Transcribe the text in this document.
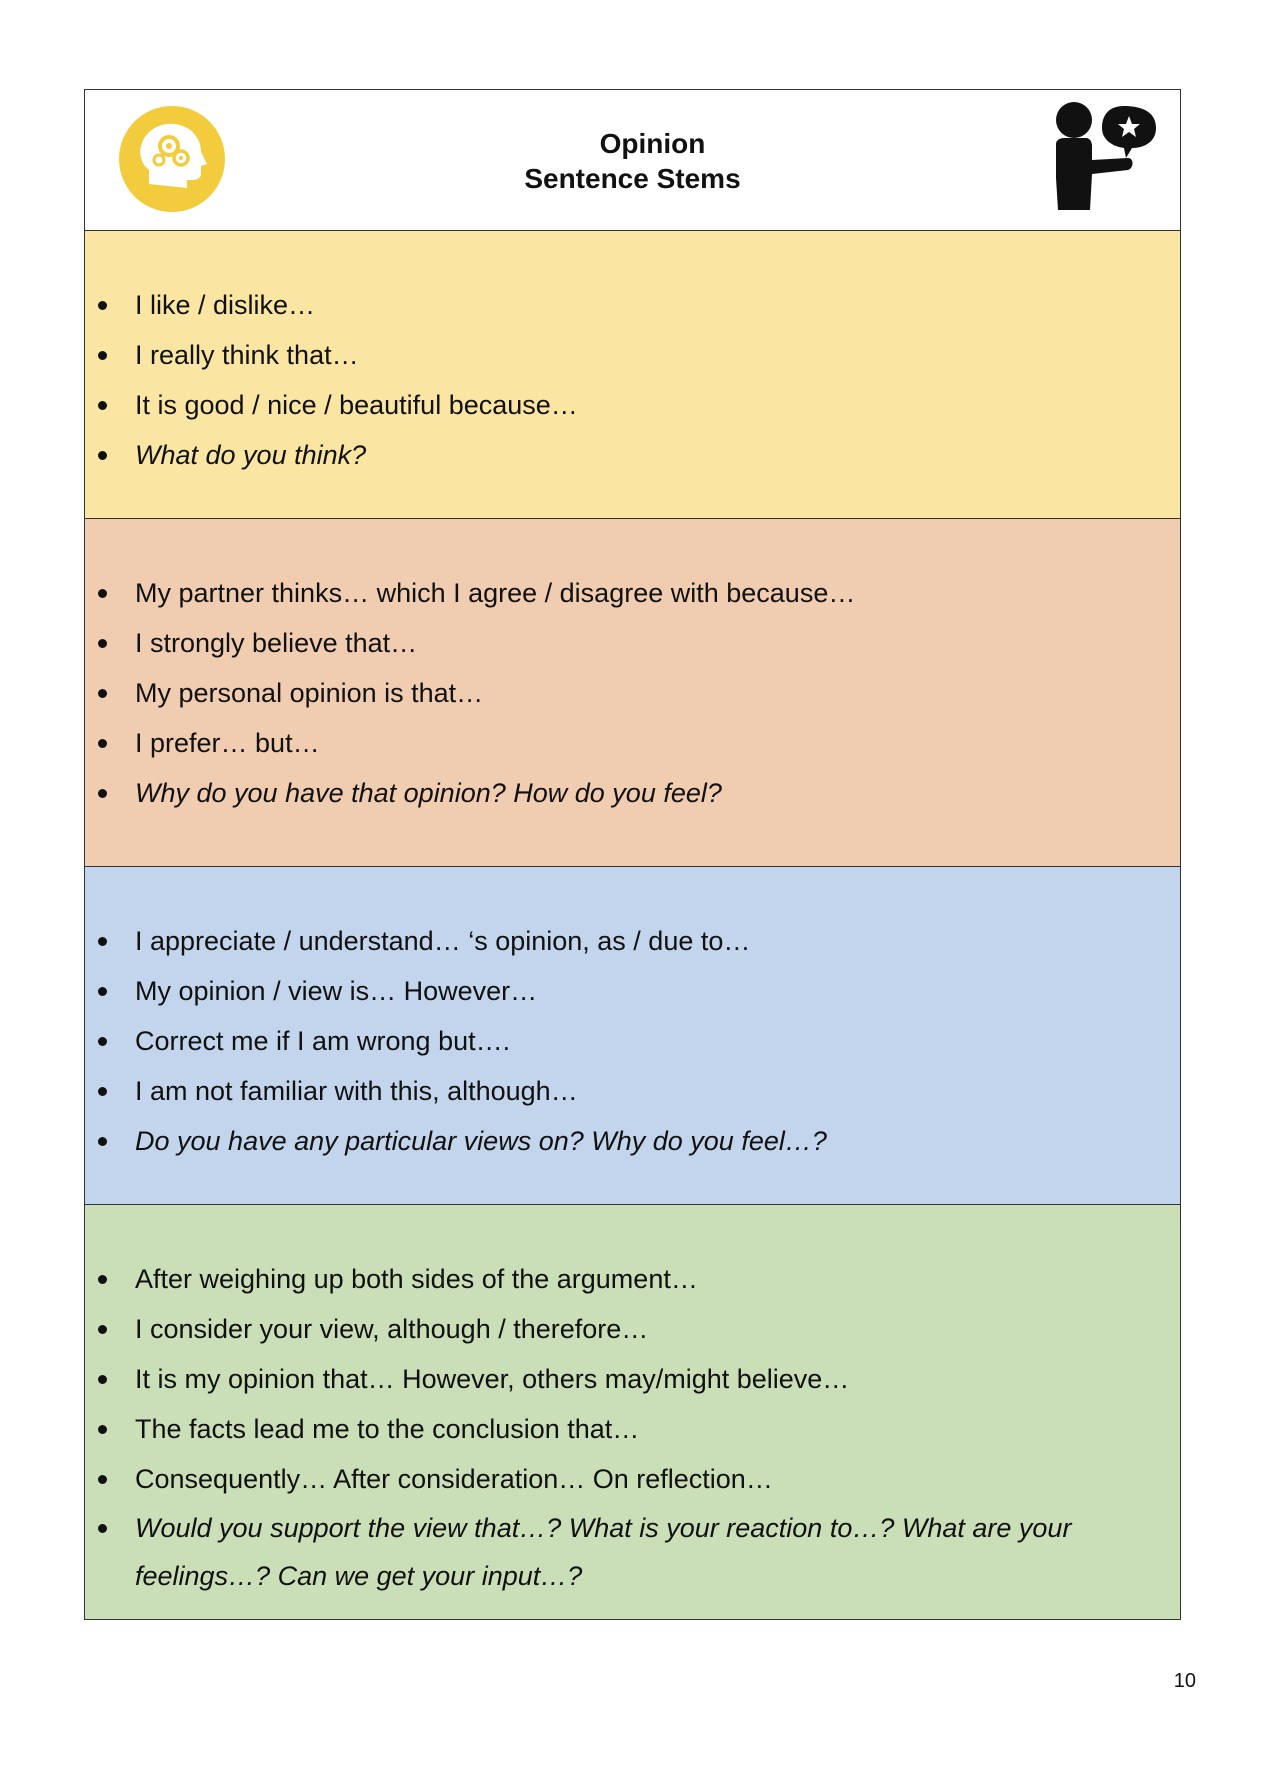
Opinion
Sentence Stems
I like / dislike…
I really think that…
It is good / nice / beautiful because…
What do you think?
My partner thinks… which I agree / disagree with because…
I strongly believe that…
My personal opinion is that…
I prefer… but…
Why do you have that opinion? How do you feel?
I appreciate / understand… ‘s opinion, as / due to…
My opinion / view is… However…
Correct me if I am wrong but….
I am not familiar with this, although…
Do you have any particular views on? Why do you feel…?
After weighing up both sides of the argument…
I consider your view, although / therefore…
It is my opinion that… However, others may/might believe…
The facts lead me to the conclusion that…
Consequently… After consideration… On reflection…
Would you support the view that…? What is your reaction to…? What are your feelings…? Can we get your input…?
10
